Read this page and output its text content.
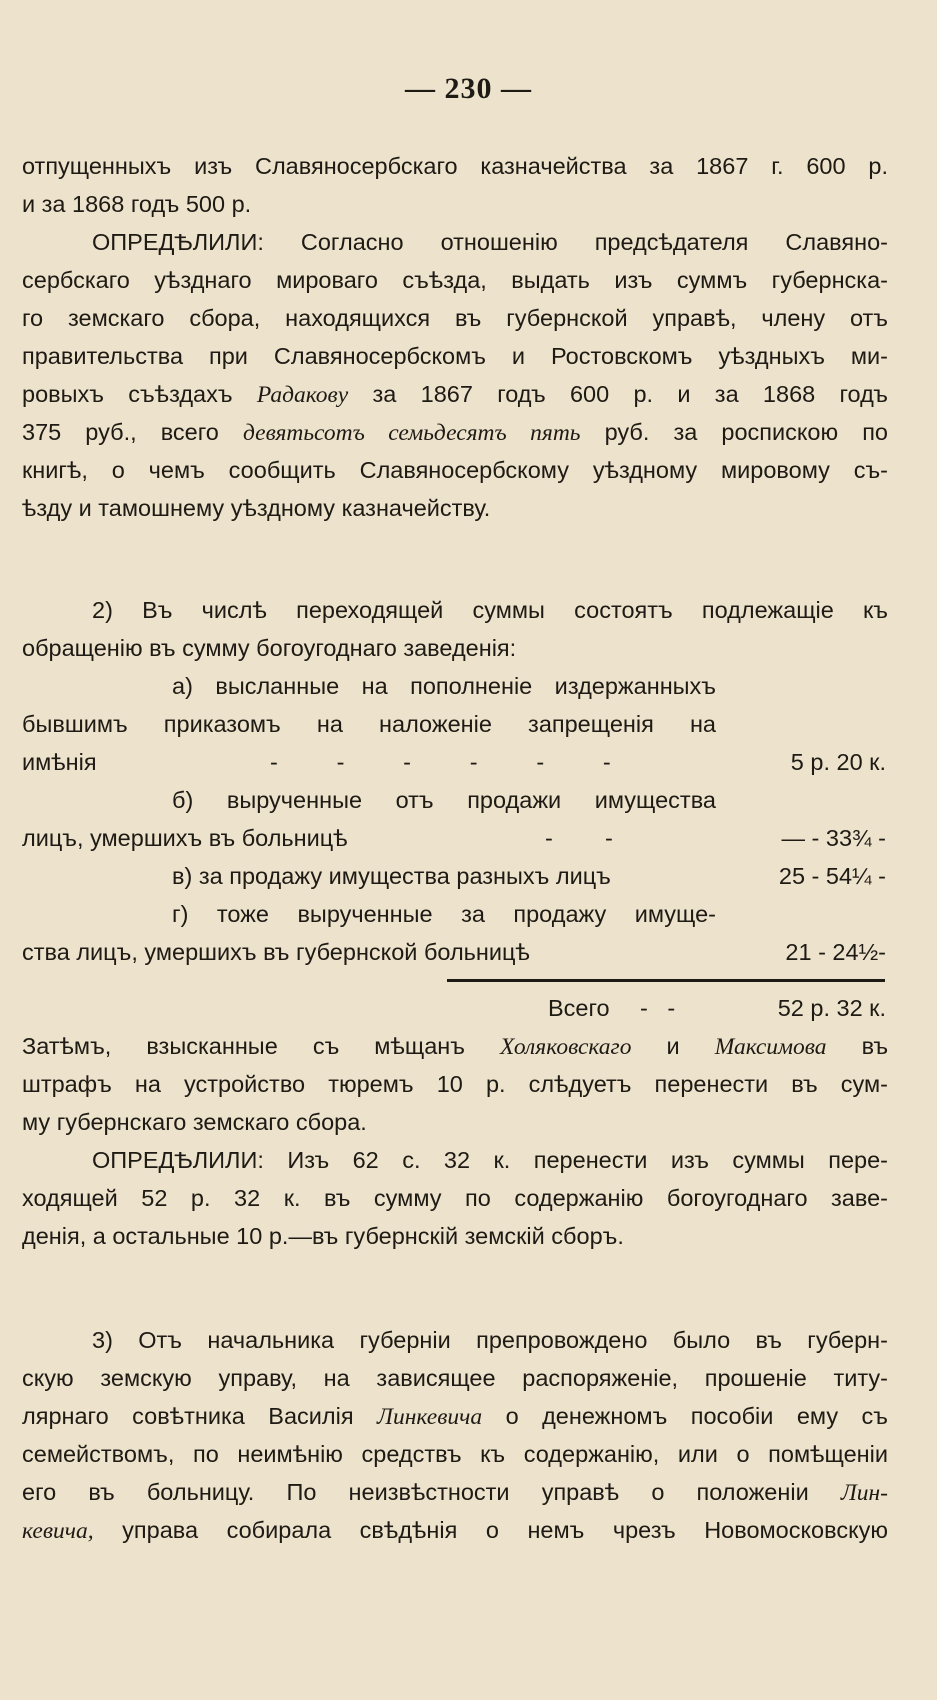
— 230 —
отпущенныхъ изъ Славяносербскаго казначейства за 1867 г. 600 р.
и за 1868 годъ 500 р.
ОПРЕДѢЛИЛИ: Согласно отношенію предсѣдателя Славяно-
сербскаго уѣзднаго мироваго съѣзда, выдать изъ суммъ губернска-
го земскаго сбора, находящихся въ губернской управѣ, члену отъ
правительства при Славяносербскомъ и Ростовскомъ уѣздныхъ ми-
ровыхъ съѣздахъ Радакову за 1867 годъ 600 р. и за 1868 годъ
375 руб., всего девятьсотъ семьдесятъ пять руб. за роспискою по
книгѣ, о чемъ сообщить Славяносербскому уѣздному мировому съ-
ѣзду и тамошнему уѣздному казначейству.
2) Въ числѣ переходящей суммы состоятъ подлежащіе къ
обращенію въ сумму богоугоднаго заведенія:
а) высланные на пополненіе издержанныхъ
бывшимъ приказомъ на наложеніе запрещенія на
имѣнія	-         -         -         -         -         -	5 р. 20 к.
б) вырученные отъ продажи имущества
лицъ, умершихъ въ больницѣ	-        -	— - 33¾ -
в) за продажу имущества разныхъ лицъ	25 - 54¼ -
г) тоже вырученные за продажу имуще-
ства лицъ, умершихъ въ губернской больницѣ	21 - 24½-
Всего -   -	52 р. 32 к.
Затѣмъ, взысканные съ мѣщанъ Холяковскаго и Максимова въ
штрафъ на устройство тюремъ 10 р. слѣдуетъ перенести въ сум-
му губернскаго земскаго сбора.
ОПРЕДѢЛИЛИ: Изъ 62 с. 32 к. перенести изъ суммы пере-
ходящей 52 р. 32 к. въ сумму по содержанію богоугоднаго заве-
денія, а остальные 10 р.—въ губернскій земскій сборъ.
3) Отъ начальника губерніи препровождено было въ губерн-
скую земскую управу, на зависящее распоряженіе, прошеніе титу-
лярнаго совѣтника Василія Линкевича о денежномъ пособіи ему съ
семействомъ, по неимѣнію средствъ къ содержанію, или о помѣщеніи
его въ больницу. По неизвѣстности управѣ о положеніи Лин-
кевича, управа собирала свѣдѣнія о немъ чрезъ Новомосковскую
